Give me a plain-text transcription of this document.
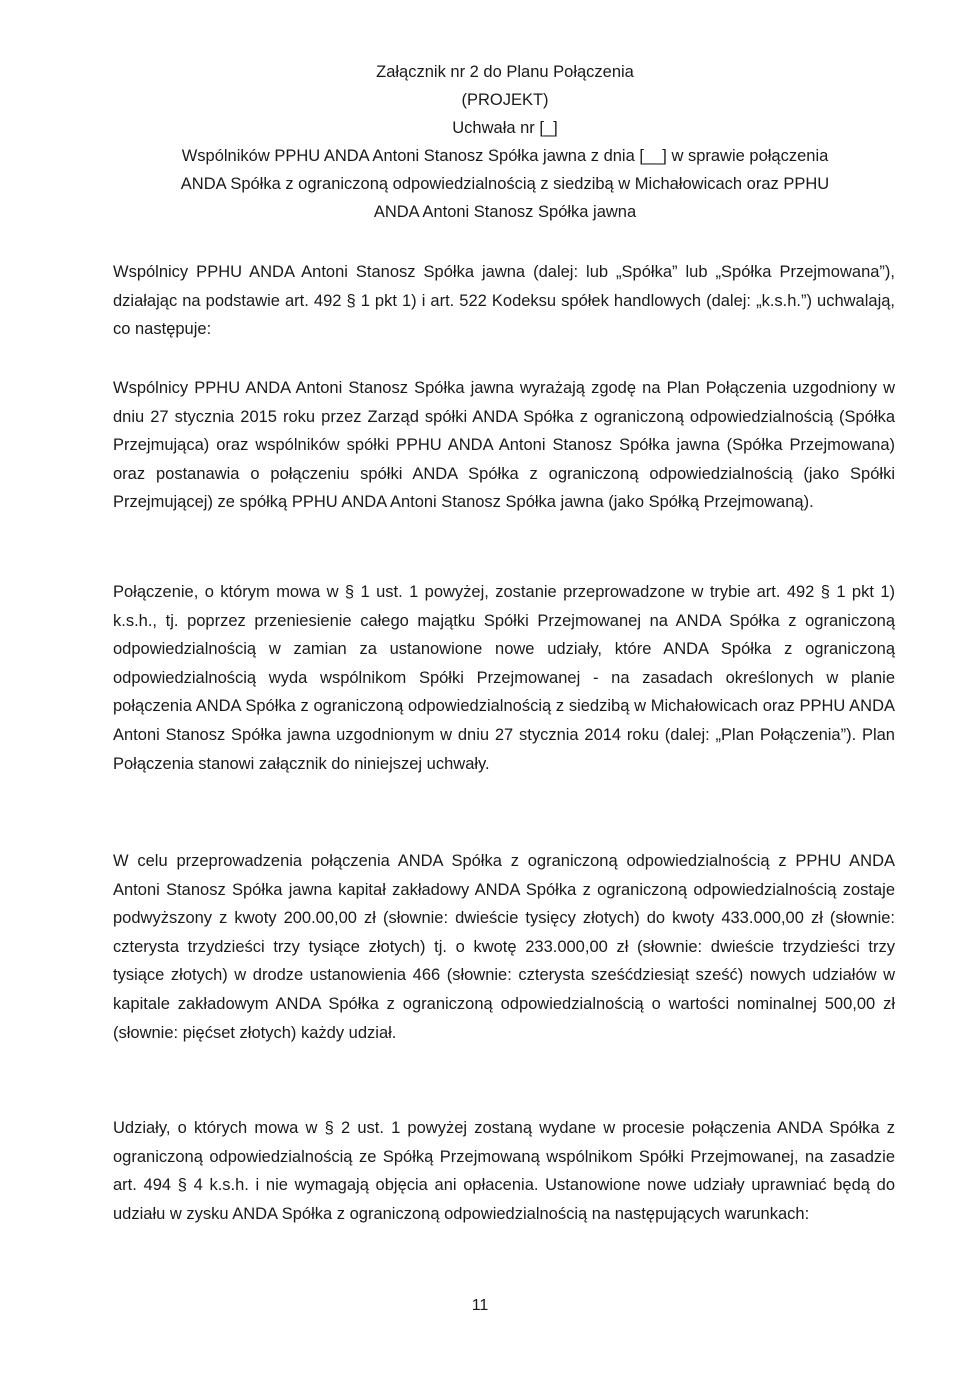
Załącznik nr 2 do Planu Połączenia
(PROJEKT)
Uchwała nr [_]
Wspólników PPHU ANDA Antoni Stanosz Spółka jawna z dnia [__] w sprawie połączenia
ANDA Spółka z ograniczoną odpowiedzialnością z siedzibą w Michałowicach oraz PPHU
ANDA Antoni Stanosz Spółka jawna

Wspólnicy PPHU ANDA Antoni Stanosz Spółka jawna (dalej: lub „Spółka” lub „Spółka Przejmowana”), działając na podstawie art. 492 § 1 pkt 1) i art. 522 Kodeksu spółek handlowych (dalej: „k.s.h.”) uchwalają, co następuje:

Wspólnicy PPHU ANDA Antoni Stanosz Spółka jawna wyrażają zgodę na Plan Połączenia uzgodniony w dniu 27 stycznia 2015 roku przez Zarząd spółki ANDA Spółka z ograniczoną odpowiedzialnością (Spółka Przejmująca) oraz wspólników spółki PPHU ANDA Antoni Stanosz Spółka jawna (Spółka Przejmowana) oraz postanawia o połączeniu spółki ANDA Spółka z ograniczoną odpowiedzialnością (jako Spółki Przejmującej) ze spółką PPHU ANDA Antoni Stanosz Spółka jawna (jako Spółką Przejmowaną).

Połączenie, o którym mowa w § 1 ust. 1 powyżej, zostanie przeprowadzone w trybie art. 492 § 1 pkt 1) k.s.h., tj. poprzez przeniesienie całego majątku Spółki Przejmowanej na ANDA Spółka z ograniczoną odpowiedzialnością w zamian za ustanowione nowe udziały, które ANDA Spółka z ograniczoną odpowiedzialnością wyda wspólnikom Spółki Przejmowanej - na zasadach określonych w planie połączenia ANDA Spółka z ograniczoną odpowiedzialnością z siedzibą w Michałowicach oraz PPHU ANDA Antoni Stanosz Spółka jawna uzgodnionym w dniu 27 stycznia 2014 roku (dalej: „Plan Połączenia”). Plan Połączenia stanowi załącznik do niniejszej uchwały.

W celu przeprowadzenia połączenia ANDA Spółka z ograniczoną odpowiedzialnością z PPHU ANDA Antoni Stanosz Spółka jawna kapitał zakładowy ANDA Spółka z ograniczoną odpowiedzialnością zostaje podwyższony z kwoty 200.00,00 zł (słownie: dwieście tysięcy złotych) do kwoty 433.000,00 zł (słownie: czterysta trzydzieści trzy tysiące złotych) tj. o kwotę 233.000,00 zł (słownie: dwieście trzydzieści trzy tysiące złotych) w drodze ustanowienia 466 (słownie: czterysta sześćdziesiąt sześć) nowych udziałów w kapitale zakładowym ANDA Spółka z ograniczoną odpowiedzialnością o wartości nominalnej 500,00 zł (słownie: pięćset złotych) każdy udział.

Udziały, o których mowa w § 2 ust. 1 powyżej zostaną wydane w procesie połączenia ANDA Spółka z ograniczoną odpowiedzialnością ze Spółką Przejmowaną wspólnikom Spółki Przejmowanej, na zasadzie art. 494 § 4 k.s.h. i nie wymagają objęcia ani opłacenia. Ustanowione nowe udziały uprawniać będą do udziału w zysku ANDA Spółka z ograniczoną odpowiedzialnością na następujących warunkach:

11
